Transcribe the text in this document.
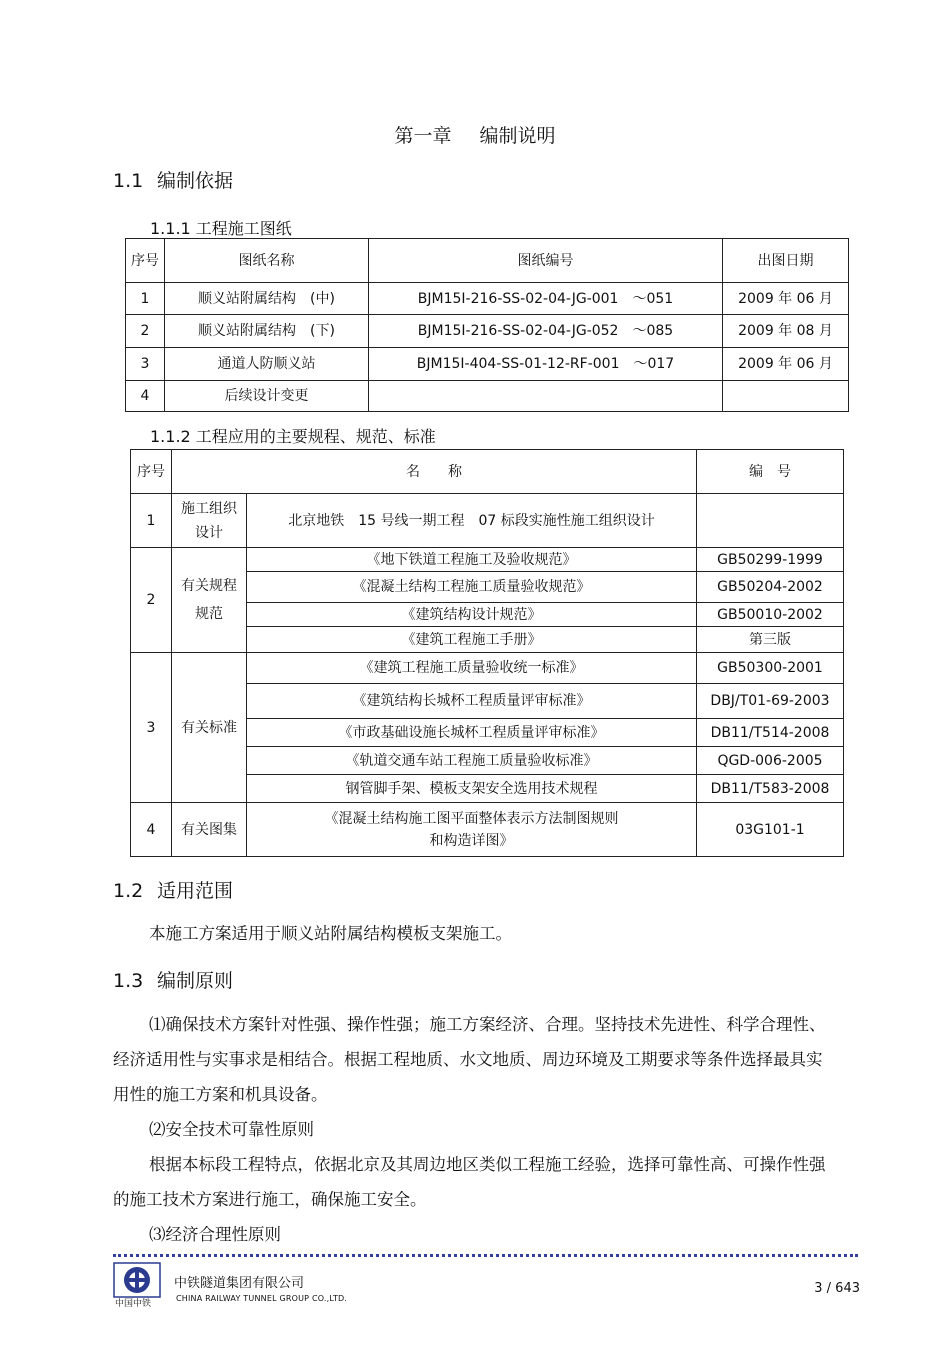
第一章 编制说明
1.1 编制依据
1.1.1 工程施工图纸
序号	图纸名称	图纸编号	出图日期
1	顺义站附属结构　(中)	BJM15I-216-SS-02-04-JG-001　～051	2009 年 06 月
2	顺义站附属结构　(下)	BJM15I-216-SS-02-04-JG-052　～085	2009 年 08 月
3	通道人防顺义站	BJM15I-404-SS-01-12-RF-001　～017	2009 年 06 月
4	后续设计变更		
1.1.2 工程应用的主要规程、规范、标准
序号	名　　称		编　号
1	施工组织设计	北京地铁　15 号线一期工程　07 标段实施性施工组织设计	
2	有关规程规范	《地下铁道工程施工及验收规范》	GB50299-1999
		《混凝土结构工程施工质量验收规范》	GB50204-2002
		《建筑结构设计规范》	GB50010-2002
		《建筑工程施工手册》	第三版
3	有关标准	《建筑工程施工质量验收统一标准》	GB50300-2001
		《建筑结构长城杯工程质量评审标准》	DBJ/T01-69-2003
		《市政基础设施长城杯工程质量评审标准》	DB11/T514-2008
		《轨道交通车站工程施工质量验收标准》	QGD-006-2005
		钢管脚手架、模板支架安全选用技术规程	DB11/T583-2008
4	有关图集	《混凝土结构施工图平面整体表示方法制图规则
和构造详图》	03G101-1
1.2 适用范围
本施工方案适用于顺义站附属结构模板支架施工。
1.3 编制原则
⑴确保技术方案针对性强、操作性强；施工方案经济、合理。坚持技术先进性、科学合理性、经济适用性与实事求是相结合。根据工程地质、水文地质、周边环境及工期要求等条件选择最具实用性的施工方案和机具设备。
⑵安全技术可靠性原则
根据本标段工程特点，依据北京及其周边地区类似工程施工经验，选择可靠性高、可操作性强的施工技术方案进行施工，确保施工安全。
⑶经济合理性原则
中国中铁
中铁隧道集团有限公司
CHINA RAILWAY TUNNEL GROUP CO.,LTD.
3 / 643
